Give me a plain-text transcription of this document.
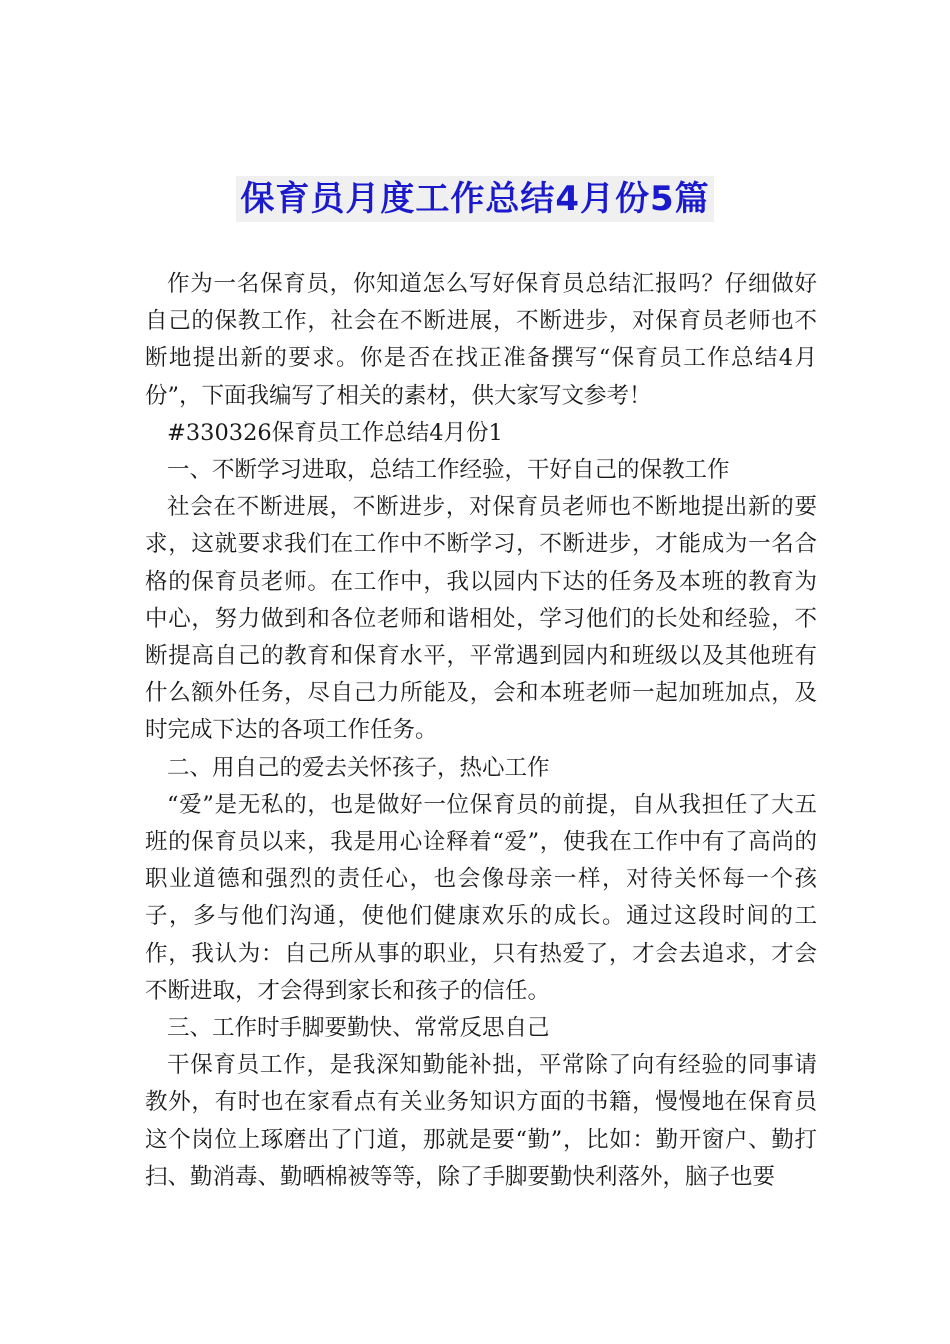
保育员月度工作总结4月份5篇

作为一名保育员，你知道怎么写好保育员总结汇报吗？仔细做好自己的保教工作，社会在不断进展，不断进步，对保育员老师也不断地提出新的要求。你是否在找正准备撰写“保育员工作总结4月份”，下面我编写了相关的素材，供大家写文参考！

#330326保育员工作总结4月份1

一、不断学习进取，总结工作经验，干好自己的保教工作

社会在不断进展，不断进步，对保育员老师也不断地提出新的要求，这就要求我们在工作中不断学习，不断进步，才能成为一名合格的保育员老师。在工作中，我以园内下达的任务及本班的教育为中心，努力做到和各位老师和谐相处，学习他们的长处和经验，不断提高自己的教育和保育水平，平常遇到园内和班级以及其他班有什么额外任务，尽自己力所能及，会和本班老师一起加班加点，及时完成下达的各项工作任务。

二、用自己的爱去关怀孩子，热心工作

“爱”是无私的，也是做好一位保育员的前提，自从我担任了大五班的保育员以来，我是用心诠释着“爱”，使我在工作中有了高尚的职业道德和强烈的责任心，也会像母亲一样，对待关怀每一个孩子，多与他们沟通，使他们健康欢乐的成长。通过这段时间的工作，我认为：自己所从事的职业，只有热爱了，才会去追求，才会不断进取，才会得到家长和孩子的信任。

三、工作时手脚要勤快、常常反思自己

干保育员工作，是我深知勤能补拙，平常除了向有经验的同事请教外，有时也在家看点有关业务知识方面的书籍，慢慢地在保育员这个岗位上琢磨出了门道，那就是要“勤”，比如：勤开窗户、勤打扫、勤消毒、勤晒棉被等等，除了手脚要勤快利落外，脑子也要
